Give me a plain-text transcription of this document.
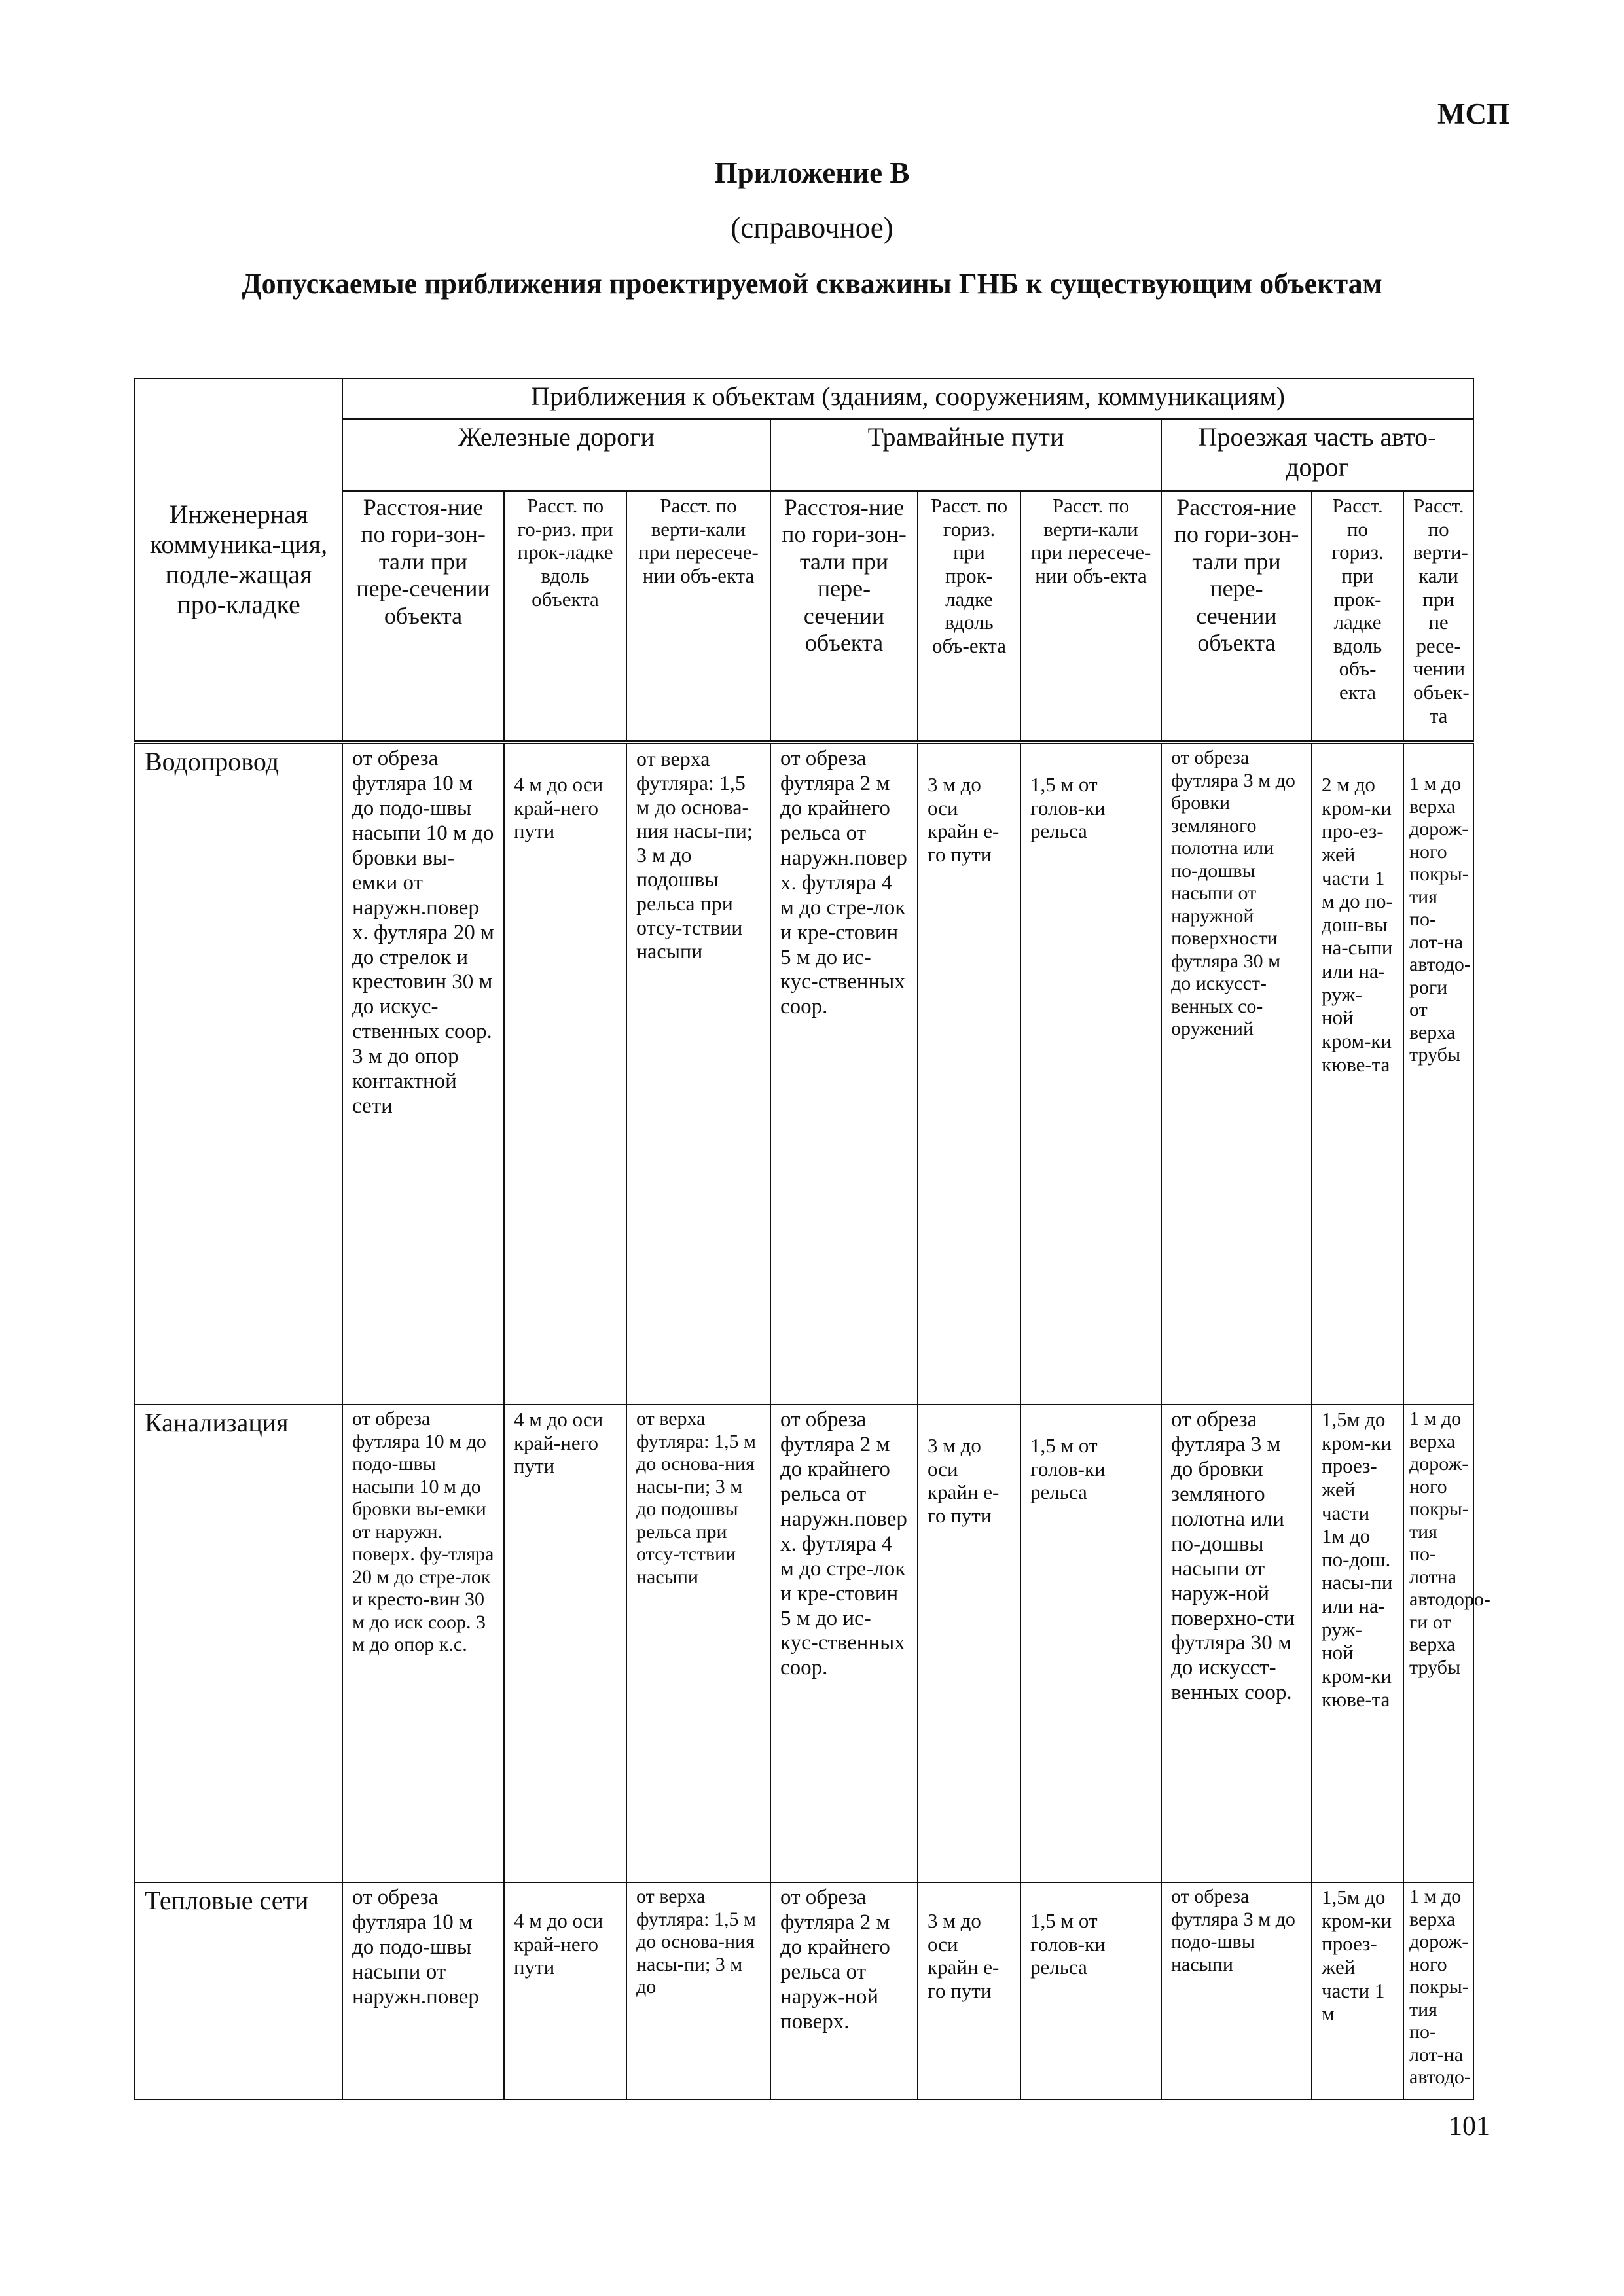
МСП
Приложение В
(справочное)
Допускаемые приближения проектируемой скважины ГНБ к существующим объектам
Инженерная коммуника-ция, подле-жащая про-кладке	Приближения к объектам (зданиям, сооружениям, коммуникациям)								
	Железные дороги			Трамвайные пути			Проезжая часть авто-дорог		
	Расстоя-ние по гори-зон-тали при пере-сечении объекта	Расст. по го-риз. при прок-ладке вдоль объекта	Расст. по верти-кали при пересече-нии объ-екта	Расстоя-ние по гори-зон-тали при пере-сечении объекта	Расст. по гориз. при прок-ладке вдоль объ-екта	Расст. по верти-кали при пересече-нии объ-екта	Расстоя-ние по гори-зон-тали при пере-сечении объекта	Расст. по гориз. при прок-ладке вдоль объ-екта	Расст. по верти-кали при пе ресе-чении объек-та
Водопровод	от обреза футляра 10 м до подо-швы насыпи 10 м до бровки вы-емки от наружн.повер х. футляра 20 м до стрелок и крестовин 30 м до искус-ственных соор. 3 м до опор контактной сети	4 м до оси край-него пути	от верха футляра: 1,5 м до основа-ния насы-пи; 3 м до подошвы рельса при отсу-тствии насыпи	от обреза футляра 2 м до крайнего рельса от наружн.повер х. футляра 4 м до стре-лок и кре-стовин 5 м до ис-кус-ственных соор.	3 м до оси крайн е-го пути	1,5 м от голов-ки рельса	от обреза футляра 3 м до бровки земляного полотна или по-дошвы насыпи от наружной поверхности футляра 30 м до искусст-венных со-оружений	2 м до кром-ки про-ез-жей части 1 м до по-дош-вы на-сыпи или на-руж-ной кром-ки кюве-та	1 м до верха дорож-ного покры-тия по-лот-на автодо-роги от верха трубы
Канализация	от обреза футляра 10 м до подо-швы насыпи 10 м до бровки вы-емки от наружн. поверх. фу-тляра 20 м до стре-лок и кресто-вин 30 м до иск соор. 3 м до опор к.с.	4 м до оси край-него пути	от верха футляра: 1,5 м до основа-ния насы-пи; 3 м до подошвы рельса при отсу-тствии насыпи	от обреза футляра 2 м до крайнего рельса от наружн.повер х. футляра 4 м до стре-лок и кре-стовин 5 м до ис-кус-ственных соор.	3 м до оси крайн е-го пути	1,5 м от голов-ки рельса	от обреза футляра 3 м до бровки земляного полотна или по-дошвы насыпи от наруж-ной поверхно-сти футляра 30 м до искусст-венных соор.	1,5м до кром-ки проез-жей части 1м до по-дош. насы-пи или на-руж-ной кром-ки кюве-та	1 м до верха дорож-ного покры-тия по-лотна автодоро-ги от верха трубы
Тепловые сети	от обреза футляра 10 м до подо-швы насыпи от наружн.повер	4 м до оси край-него пути	от верха футляра: 1,5 м до основа-ния насы-пи; 3 м до	от обреза футляра 2 м до крайнего рельса от наруж-ной поверх.	3 м до оси крайн е-го пути	1,5 м от голов-ки рельса	от обреза футляра 3 м до подо-швы насыпи	1,5м до кром-ки проез-жей части 1 м	1 м до верха дорож-ного покры-тия по-лот-на автодо-
101
